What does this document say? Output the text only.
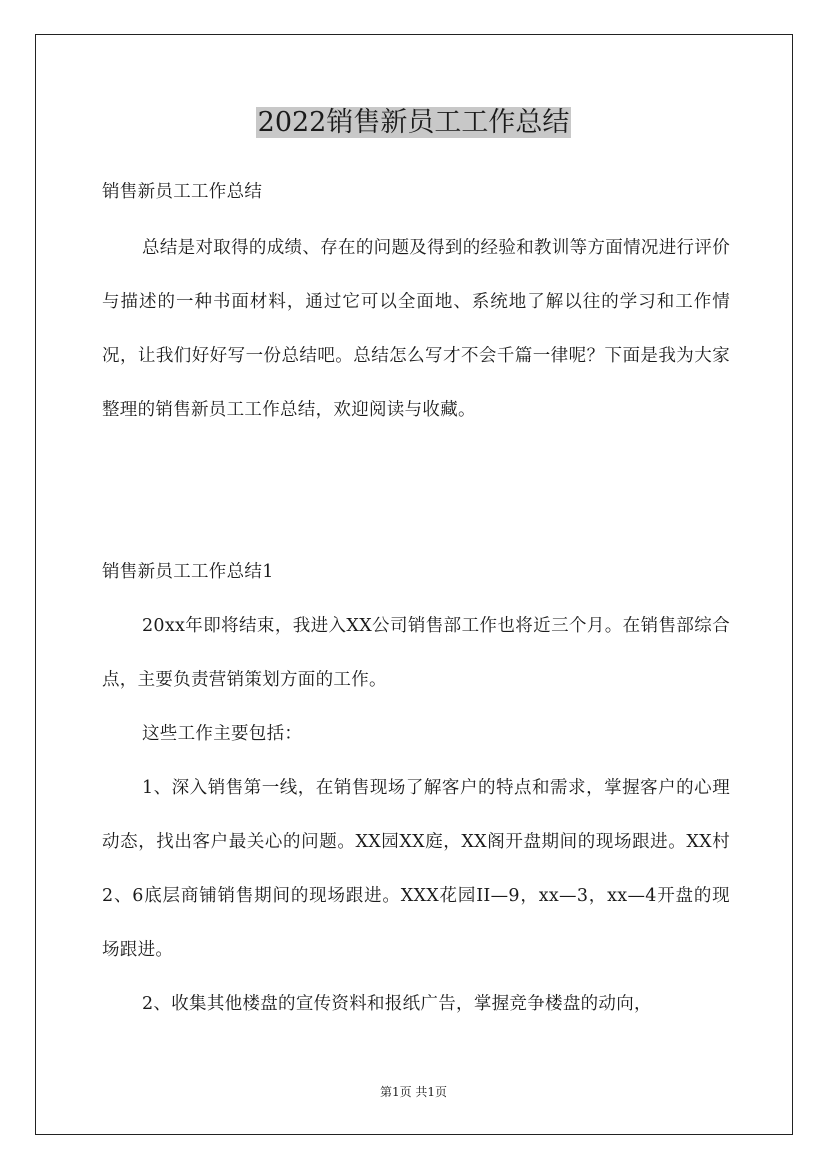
2022销售新员工工作总结

销售新员工工作总结

总结是对取得的成绩、存在的问题及得到的经验和教训等方面情况进行评价与描述的一种书面材料，通过它可以全面地、系统地了解以往的学习和工作情况，让我们好好写一份总结吧。总结怎么写才不会千篇一律呢？下面是我为大家整理的销售新员工工作总结，欢迎阅读与收藏。

销售新员工工作总结1

20xx年即将结束，我进入XX公司销售部工作也将近三个月。在销售部综合点，主要负责营销策划方面的工作。

这些工作主要包括：

1、深入销售第一线，在销售现场了解客户的特点和需求，掌握客户的心理动态，找出客户最关心的问题。XX园XX庭，XX阁开盘期间的现场跟进。XX村2、6底层商铺销售期间的现场跟进。XXX花园II—9，xx—3，xx—4开盘的现场跟进。

2、收集其他楼盘的宣传资料和报纸广告，掌握竞争楼盘的动向，

第1页 共1页
